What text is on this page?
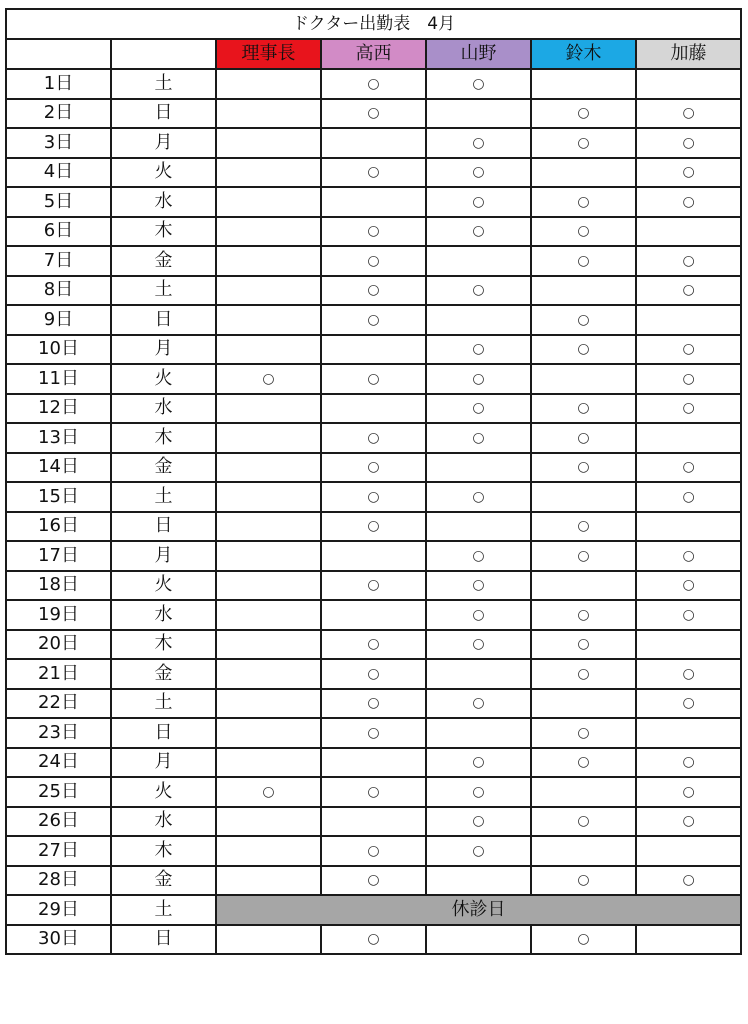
ドクター出勤表　4月						
		理事長	高西	山野	鈴木	加藤
1日	土		○	○		
2日	日		○		○	○
3日	月			○	○	○
4日	火		○	○		○
5日	水			○	○	○
6日	木		○	○	○	
7日	金		○		○	○
8日	土		○	○		○
9日	日		○		○	
10日	月			○	○	○
11日	火	○	○	○		○
12日	水			○	○	○
13日	木		○	○	○	
14日	金		○		○	○
15日	土		○	○		○
16日	日		○		○	
17日	月			○	○	○
18日	火		○	○		○
19日	水			○	○	○
20日	木		○	○	○	
21日	金		○		○	○
22日	土		○	○		○
23日	日		○		○	
24日	月			○	○	○
25日	火	○	○	○		○
26日	水			○	○	○
27日	木		○	○		
28日	金		○		○	○
29日	土	休診日				
30日	日		○		○	
